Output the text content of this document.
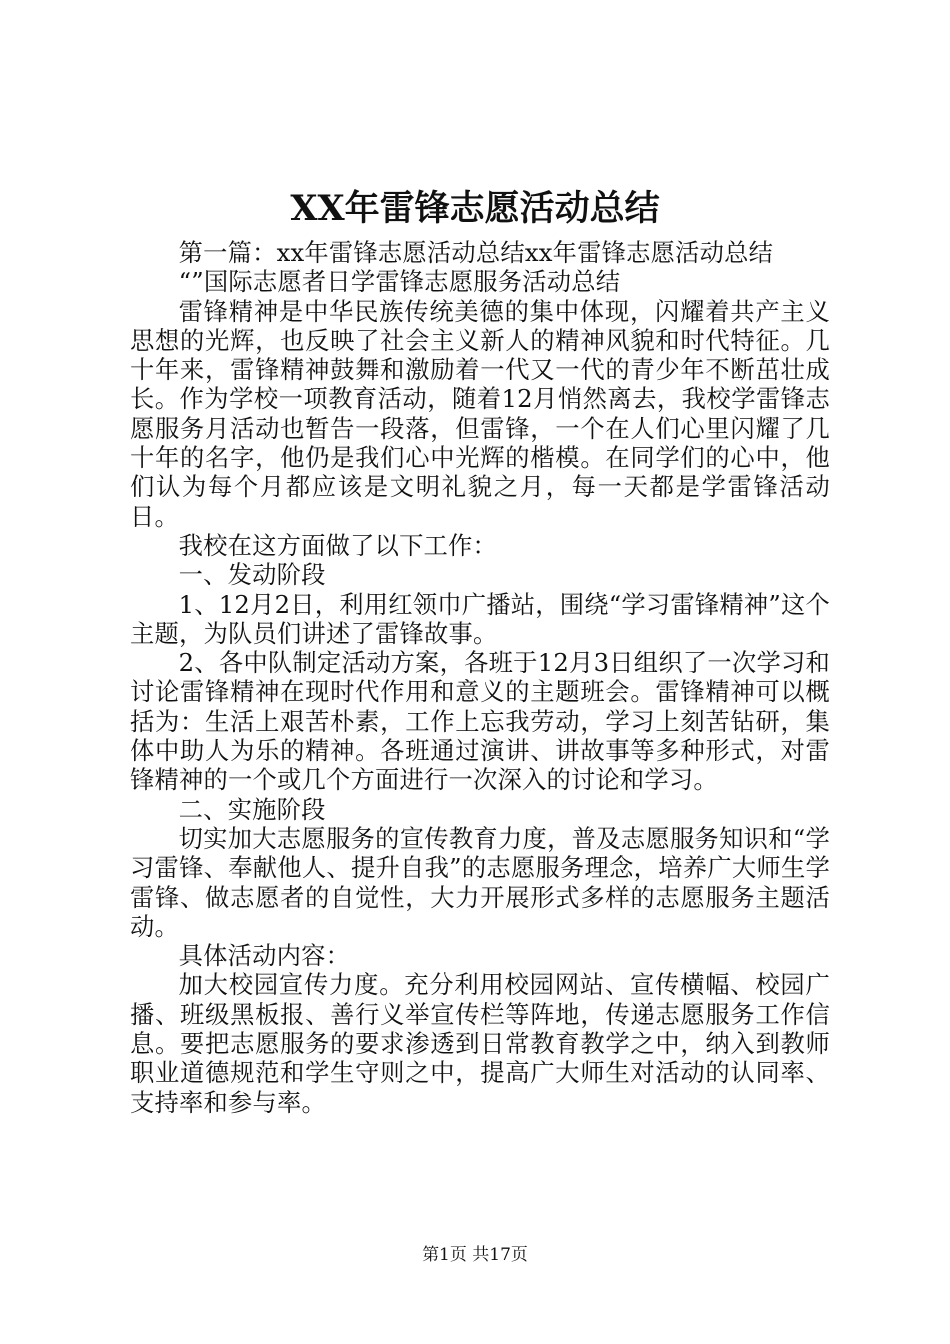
XX年雷锋志愿活动总结

第一篇：xx年雷锋志愿活动总结xx年雷锋志愿活动总结

“”国际志愿者日学雷锋志愿服务活动总结

雷锋精神是中华民族传统美德的集中体现，闪耀着共产主义思想的光辉，也反映了社会主义新人的精神风貌和时代特征。几十年来，雷锋精神鼓舞和激励着一代又一代的青少年不断茁壮成长。作为学校一项教育活动，随着12月悄然离去，我校学雷锋志愿服务月活动也暂告一段落，但雷锋，一个在人们心里闪耀了几十年的名字，他仍是我们心中光辉的楷模。在同学们的心中，他们认为每个月都应该是文明礼貌之月，每一天都是学雷锋活动日。

我校在这方面做了以下工作：

一、发动阶段

1、12月2日，利用红领巾广播站，围绕“学习雷锋精神”这个主题，为队员们讲述了雷锋故事。

2、各中队制定活动方案，各班于12月3日组织了一次学习和讨论雷锋精神在现时代作用和意义的主题班会。雷锋精神可以概括为：生活上艰苦朴素，工作上忘我劳动，学习上刻苦钻研，集体中助人为乐的精神。各班通过演讲、讲故事等多种形式，对雷锋精神的一个或几个方面进行一次深入的讨论和学习。

二、实施阶段

切实加大志愿服务的宣传教育力度，普及志愿服务知识和“学习雷锋、奉献他人、提升自我”的志愿服务理念，培养广大师生学雷锋、做志愿者的自觉性，大力开展形式多样的志愿服务主题活动。

具体活动内容：

加大校园宣传力度。充分利用校园网站、宣传横幅、校园广播、班级黑板报、善行义举宣传栏等阵地，传递志愿服务工作信息。要把志愿服务的要求渗透到日常教育教学之中，纳入到教师职业道德规范和学生守则之中，提高广大师生对活动的认同率、支持率和参与率。

第1页 共17页
